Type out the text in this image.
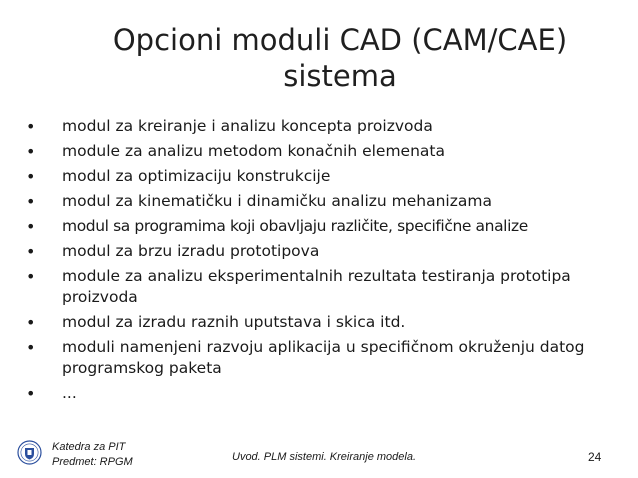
Opcioni moduli CAD (CAM/CAE)
sistema
• modul za kreiranje i analizu koncepta proizvoda
• module za analizu metodom konačnih elemenata
• modul za optimizaciju konstrukcije
• modul za kinematičku i dinamičku analizu mehanizama
• modul sa programima koji obavljaju različite, specifične analize
• modul za brzu izradu prototipova
• module za analizu eksperimentalnih rezultata testiranja prototipa proizvoda
• modul za izradu raznih uputstava i skica itd.
• moduli namenjeni razvoju aplikacija u specifičnom okruženju datog programskog paketa
• ...
Katedra za PIT
Predmet: RPGM	Uvod. PLM sistemi. Kreiranje modela.	24
